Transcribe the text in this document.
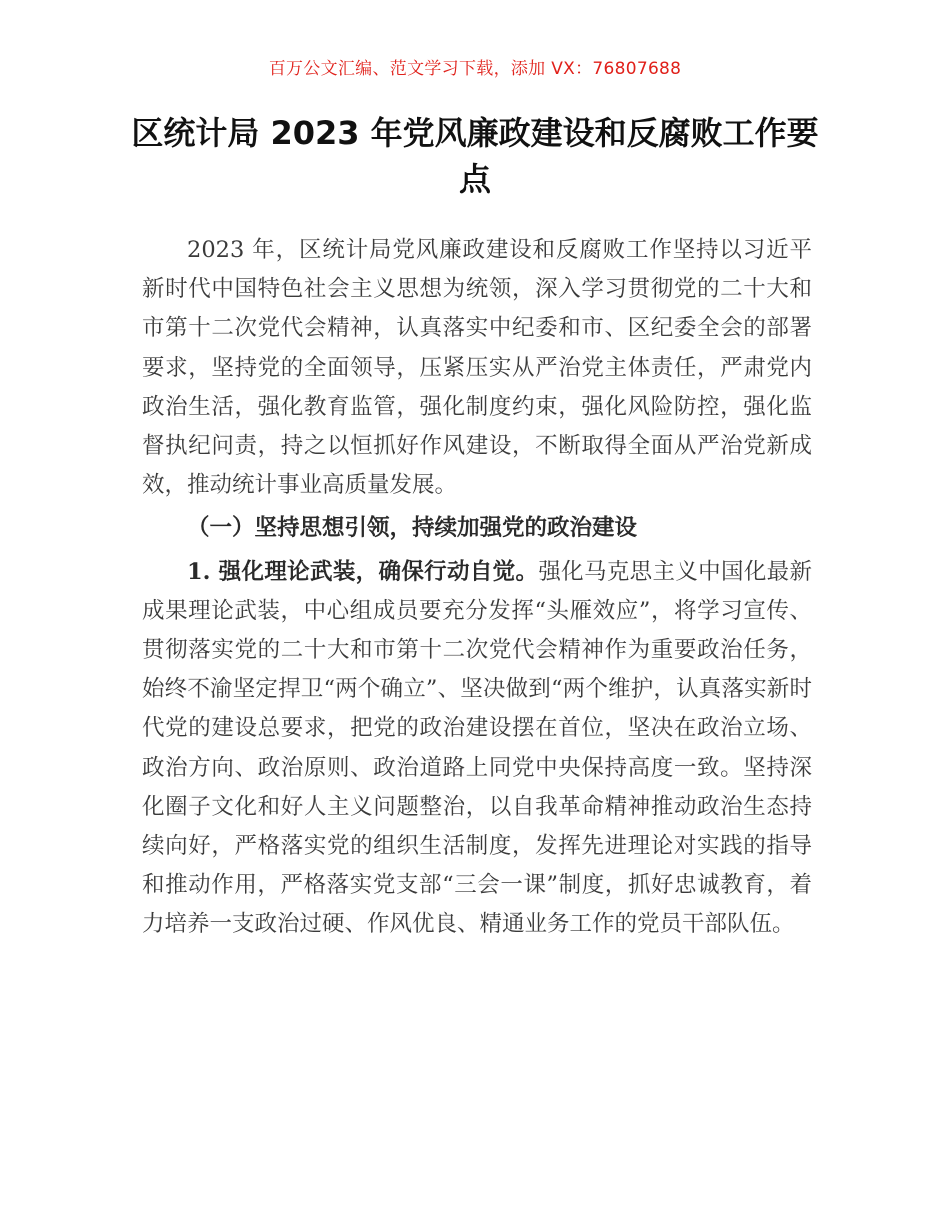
百万公文汇编、范文学习下载，添加 VX：76807688
区统计局 2023 年党风廉政建设和反腐败工作要点

2023 年，区统计局党风廉政建设和反腐败工作坚持以习近平新时代中国特色社会主义思想为统领，深入学习贯彻党的二十大和市第十二次党代会精神，认真落实中纪委和市、区纪委全会的部署要求，坚持党的全面领导，压紧压实从严治党主体责任，严肃党内政治生活，强化教育监管，强化制度约束，强化风险防控，强化监督执纪问责，持之以恒抓好作风建设，不断取得全面从严治党新成效，推动统计事业高质量发展。

（一）坚持思想引领，持续加强党的政治建设

1. 强化理论武装，确保行动自觉。强化马克思主义中国化最新成果理论武装，中心组成员要充分发挥“头雁效应”，将学习宣传、贯彻落实党的二十大和市第十二次党代会精神作为重要政治任务，始终不渝坚定捍卫“两个确立”、坚决做到“两个维护，认真落实新时代党的建设总要求，把党的政治建设摆在首位，坚决在政治立场、政治方向、政治原则、政治道路上同党中央保持高度一致。坚持深化圈子文化和好人主义问题整治，以自我革命精神推动政治生态持续向好，严格落实党的组织生活制度，发挥先进理论对实践的指导和推动作用，严格落实党支部“三会一课”制度，抓好忠诚教育，着力培养一支政治过硬、作风优良、精通业务工作的党员干部队伍。
